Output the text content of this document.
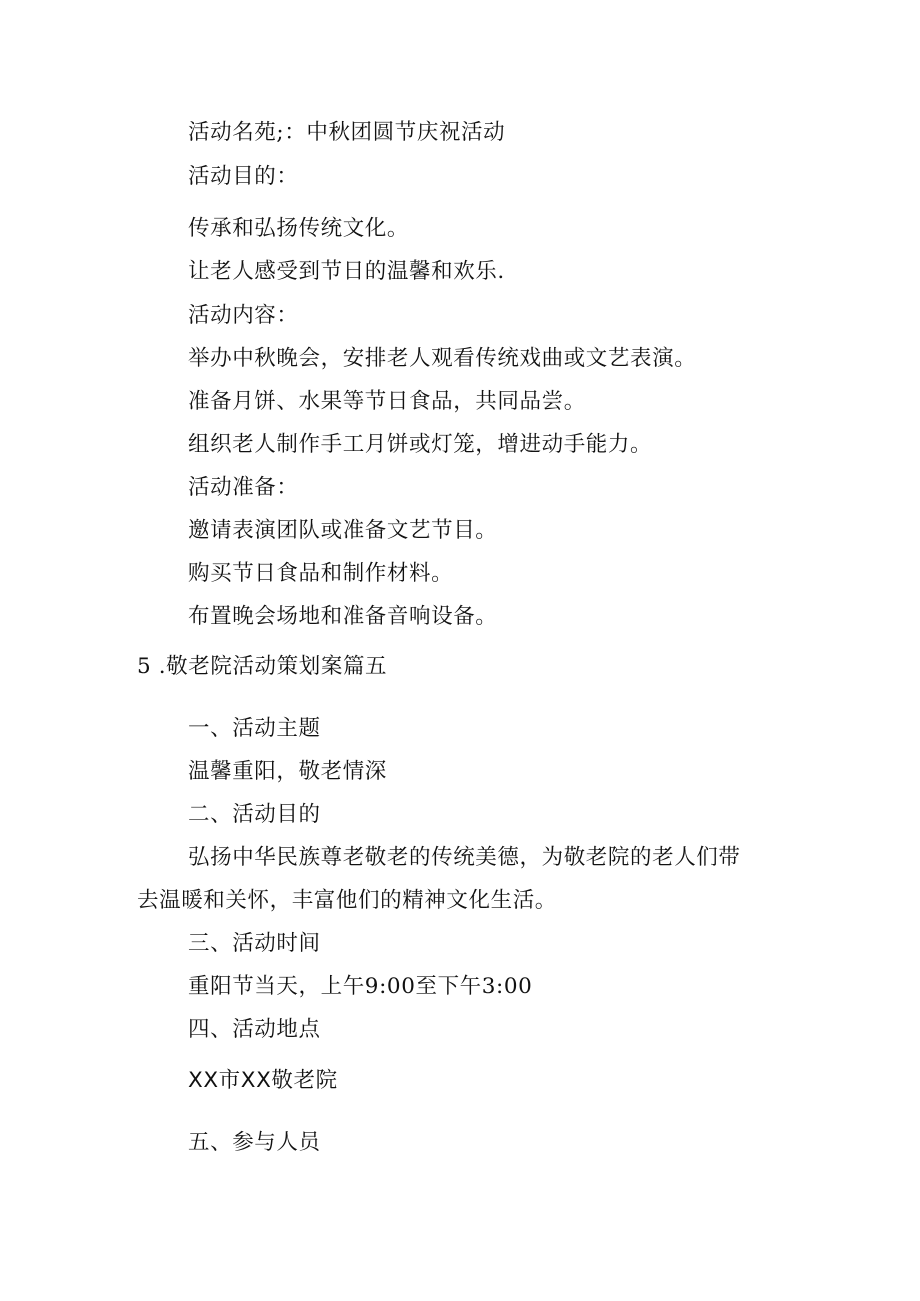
活动名苑;：中秋团圆节庆祝活动

活动目的：

传承和弘扬传统文化。

让老人感受到节日的温馨和欢乐.

活动内容：

举办中秋晚会，安排老人观看传统戏曲或文艺表演。

准备月饼、水果等节日食品，共同品尝。

组织老人制作手工月饼或灯笼，增进动手能力。

活动准备：

邀请表演团队或准备文艺节目。

购买节日食品和制作材料。

布置晚会场地和准备音响设备。

5 .敬老院活动策划案篇五

一、活动主题

温馨重阳，敬老情深

二、活动目的

弘扬中华民族尊老敬老的传统美德，为敬老院的老人们带

去温暖和关怀，丰富他们的精神文化生活。

三、活动时间

重阳节当天，上午9:00至下午3:00

四、活动地点

XX市XX敬老院

五、参与人员
